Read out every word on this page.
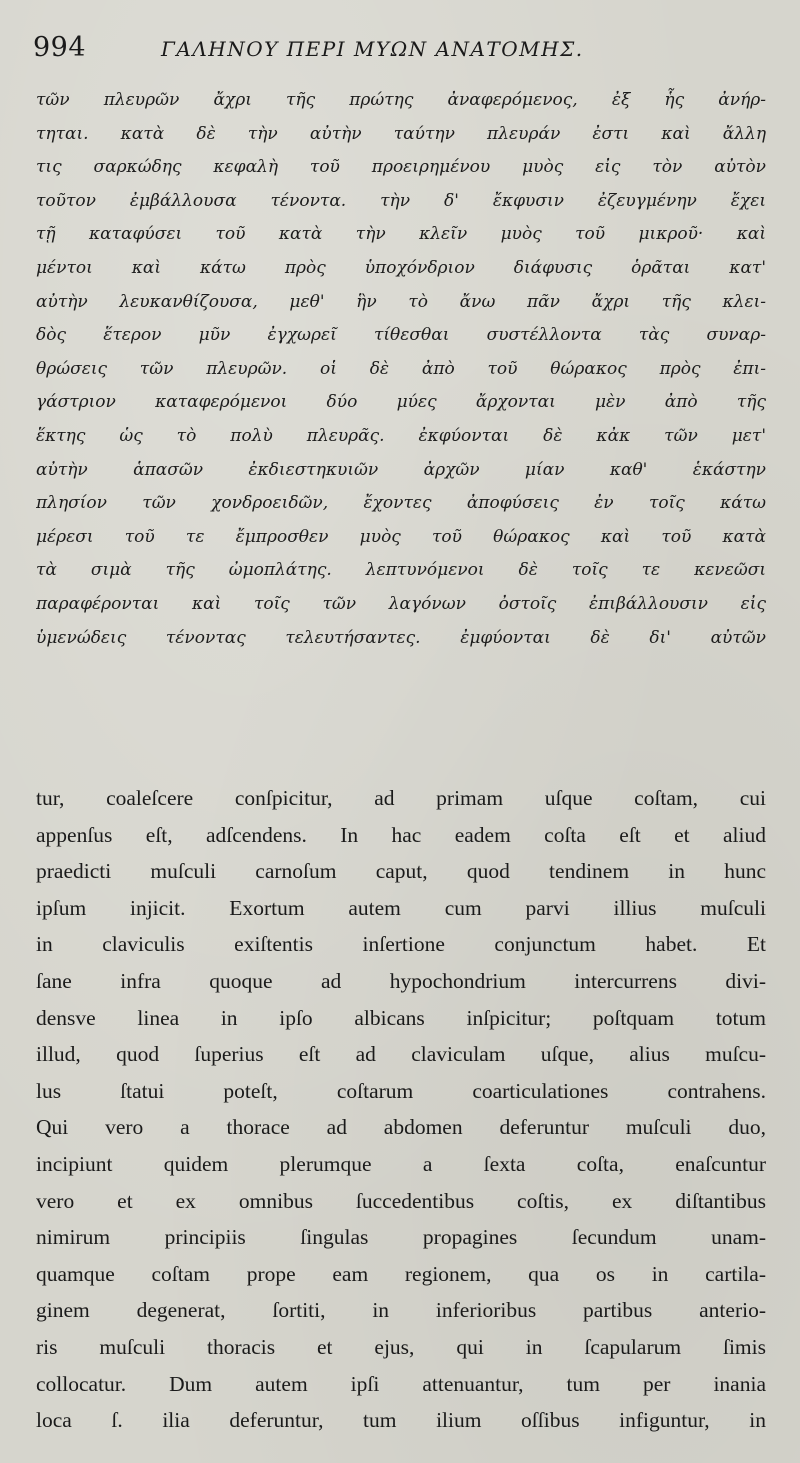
994	ΓΑΛΗΝΟΥ ΠΕΡΙ ΜΥΩΝ ΑΝΑΤΟΜΗΣ.
τῶν πλευρῶν ἄχρι τῆς πρώτης ἀναφερόμενος, ἐξ ἧς ἀνήρ-
τηται. κατὰ δὲ τὴν αὐτὴν ταύτην πλευράν ἐστι καὶ ἄλλη
τις σαρκώδης κεφαλὴ τοῦ προειρημένου μυὸς εἰς τὸν αὐτὸν
τοῦτον ἐμβάλλουσα τένοντα. τὴν δ' ἔκφυσιν ἐζευγμένην ἔχει
τῇ καταφύσει τοῦ κατὰ τὴν κλεῖν μυὸς τοῦ μικροῦ· καὶ
μέντοι καὶ κάτω πρὸς ὑποχόνδριον διάφυσις ὁρᾶται κατ'
αὐτὴν λευκανθίζουσα, μεθ' ἣν τὸ ἄνω πᾶν ἄχρι τῆς κλει-
δὸς ἕτερον μῦν ἐγχωρεῖ τίθεσθαι συστέλλοντα τὰς συναρ-
θρώσεις τῶν πλευρῶν. οἱ δὲ ἀπὸ τοῦ θώρακος πρὸς ἐπι-
γάστριον καταφερόμενοι δύο μύες ἄρχονται μὲν ἀπὸ τῆς
ἕκτης ὡς τὸ πολὺ πλευρᾶς. ἐκφύονται δὲ κἀκ τῶν μετ'
αὐτὴν ἁπασῶν ἐκδιεστηκυιῶν ἀρχῶν μίαν καθ' ἑκάστην
πλησίον τῶν χονδροειδῶν, ἔχοντες ἀποφύσεις ἐν τοῖς κάτω
μέρεσι τοῦ τε ἔμπροσθεν μυὸς τοῦ θώρακος καὶ τοῦ κατὰ
τὰ σιμὰ τῆς ὠμοπλάτης. λεπτυνόμενοι δὲ τοῖς τε κενεῶσι
παραφέρονται καὶ τοῖς τῶν λαγόνων ὀστοῖς ἐπιβάλλουσιν εἰς
ὑμενώδεις τένοντας τελευτήσαντες. ἐμφύονται δὲ δι' αὐτῶν
tur, coaleſcere conſpicitur, ad primam uſque coſtam, cui
appenſus eſt, adſcendens. In hac eadem coſta eſt et aliud
praedicti muſculi carnoſum caput, quod tendinem in hunc
ipſum injicit. Exortum autem cum parvi illius muſculi
in claviculis exiſtentis inſertione conjunctum habet. Et
ſane infra quoque ad hypochondrium intercurrens divi-
densve linea in ipſo albicans inſpicitur; poſtquam totum
illud, quod ſuperius eſt ad claviculam uſque, alius muſcu-
lus ſtatui poteſt, coſtarum coarticulationes contrahens.
Qui vero a thorace ad abdomen deferuntur muſculi duo,
incipiunt quidem plerumque a ſexta coſta, enaſcuntur
vero et ex omnibus ſuccedentibus coſtis, ex diſtantibus
nimirum principiis ſingulas propagines ſecundum unam-
quamque coſtam prope eam regionem, qua os in cartila-
ginem degenerat, ſortiti, in inferioribus partibus anterio-
ris muſculi thoracis et ejus, qui in ſcapularum ſimis
collocatur. Dum autem ipſi attenuantur, tum per inania
loca ſ. ilia deferuntur, tum ilium oſſibus infiguntur, in
